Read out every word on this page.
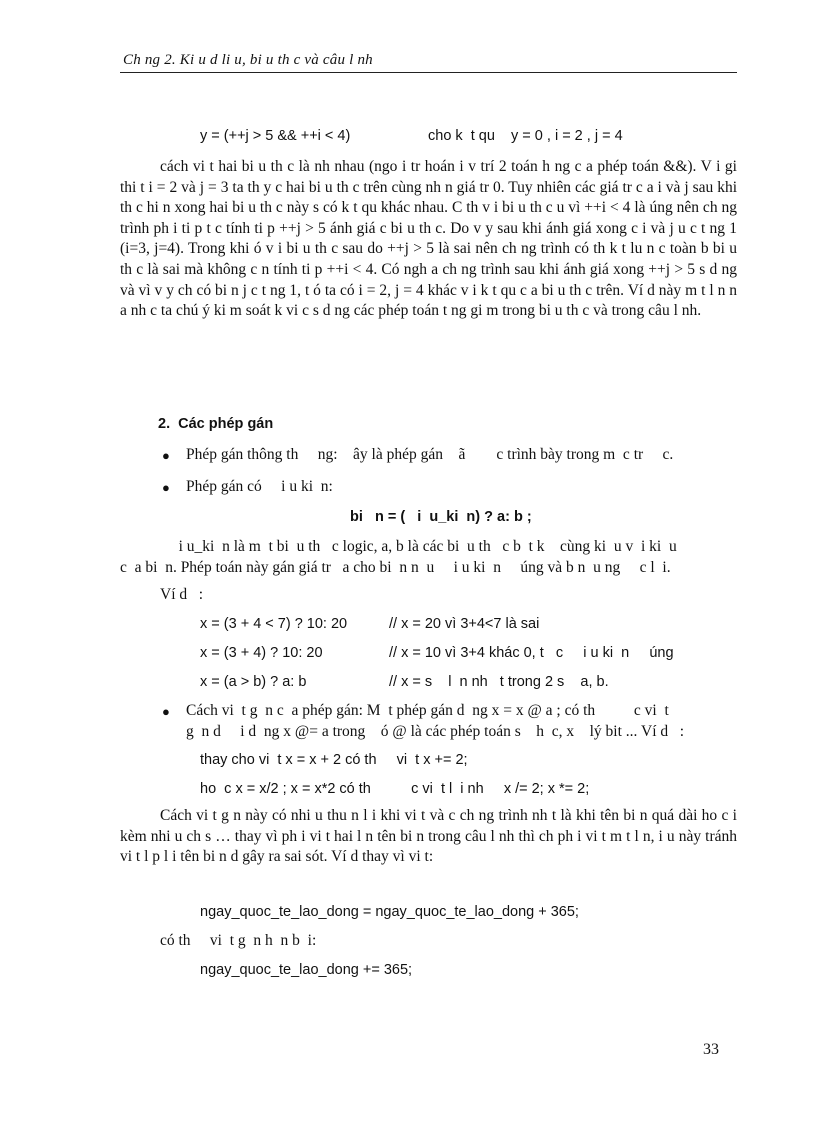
Ch ng 2. Ki u d li u, bi u th c và câu l nh
y = (++j > 5 && ++i < 4)	cho k  t qu    y = 0 , i = 2 , j = 4
cách vi t hai bi u th c là nh nhau (ngo i tr hoán i v trí 2 toán h ng c a phép toán &&). V i gi thi t i = 2 và j = 3 ta th y c hai bi u th c trên cùng nh n giá tr 0. Tuy nhiên các giá tr c a i và j sau khi th c hi n xong hai bi u th c này s có k t qu khác nhau. C th v i bi u th c u vì ++i < 4 là úng nên ch ng trình ph i ti p t c tính ti p ++j > 5 ánh giá c bi u th c. Do v y sau khi ánh giá xong c i và j u c t ng 1 (i=3, j=4). Trong khi ó v i bi u th c sau do ++j > 5 là sai nên ch ng trình có th k t lu n c toàn b bi u th c là sai mà không c n tính ti p ++i < 4. Có ngh a ch ng trình sau khi ánh giá xong ++j > 5 s d ng và vì v y ch có bi n j c t ng 1, t ó ta có i = 2, j = 4 khác v i k t qu c a bi u th c trên. Ví d này m t l n n a nh c ta chú ý ki m soát k vi c s d ng các phép toán t ng gi m trong bi u th c và trong câu l nh.
2.  Các phép gán
● Phép gán thông th     ng:    ây là phép gán    ã        c trình bày trong m  c tr     c.
● Phép gán có     i u ki  n:
bi   n = (   i  u_ki  n) ? a: b ;
i u_ki  n là m  t bi  u th   c logic, a, b là các bi  u th   c b  t k    cùng ki  u v  i ki  u
c  a bi  n. Phép toán này gán giá tr   a cho bi  n n  u     i u ki  n     úng và b n  u ng     c l  i.
Ví d   :
x = (3 + 4 < 7) ? 10: 20	// x = 20 vì 3+4<7 là sai
x = (3 + 4) ? 10: 20	// x = 10 vì 3+4 khác 0, t   c     i u ki  n     úng
x = (a > b) ? a: b	// x = s    l  n nh   t trong 2 s    a, b.
● Cách vi  t g  n c  a phép gán: M  t phép gán d  ng x = x @ a ; có th          c vi  t
g  n d     i d  ng x @= a trong    ó @ là các phép toán s    h  c, x    lý bit ... Ví d   :
thay cho vi  t x = x + 2 có th     vi  t x += 2;
ho  c x = x/2 ; x = x*2 có th          c vi  t l  i nh     x /= 2; x *= 2;
Cách vi t g n này có nhi u thu n l i khi vi t và c ch ng trình nh t là khi tên bi n quá dài ho c i kèm nhi u ch s … thay vì ph i vi t hai l n tên bi n trong câu l nh thì ch ph i vi t m t l n, i u này tránh vi t l p l i tên bi n d gây ra sai sót. Ví d thay vì vi t:
ngay_quoc_te_lao_dong = ngay_quoc_te_lao_dong + 365;
có th     vi  t g  n h  n b  i:
ngay_quoc_te_lao_dong += 365;
33
